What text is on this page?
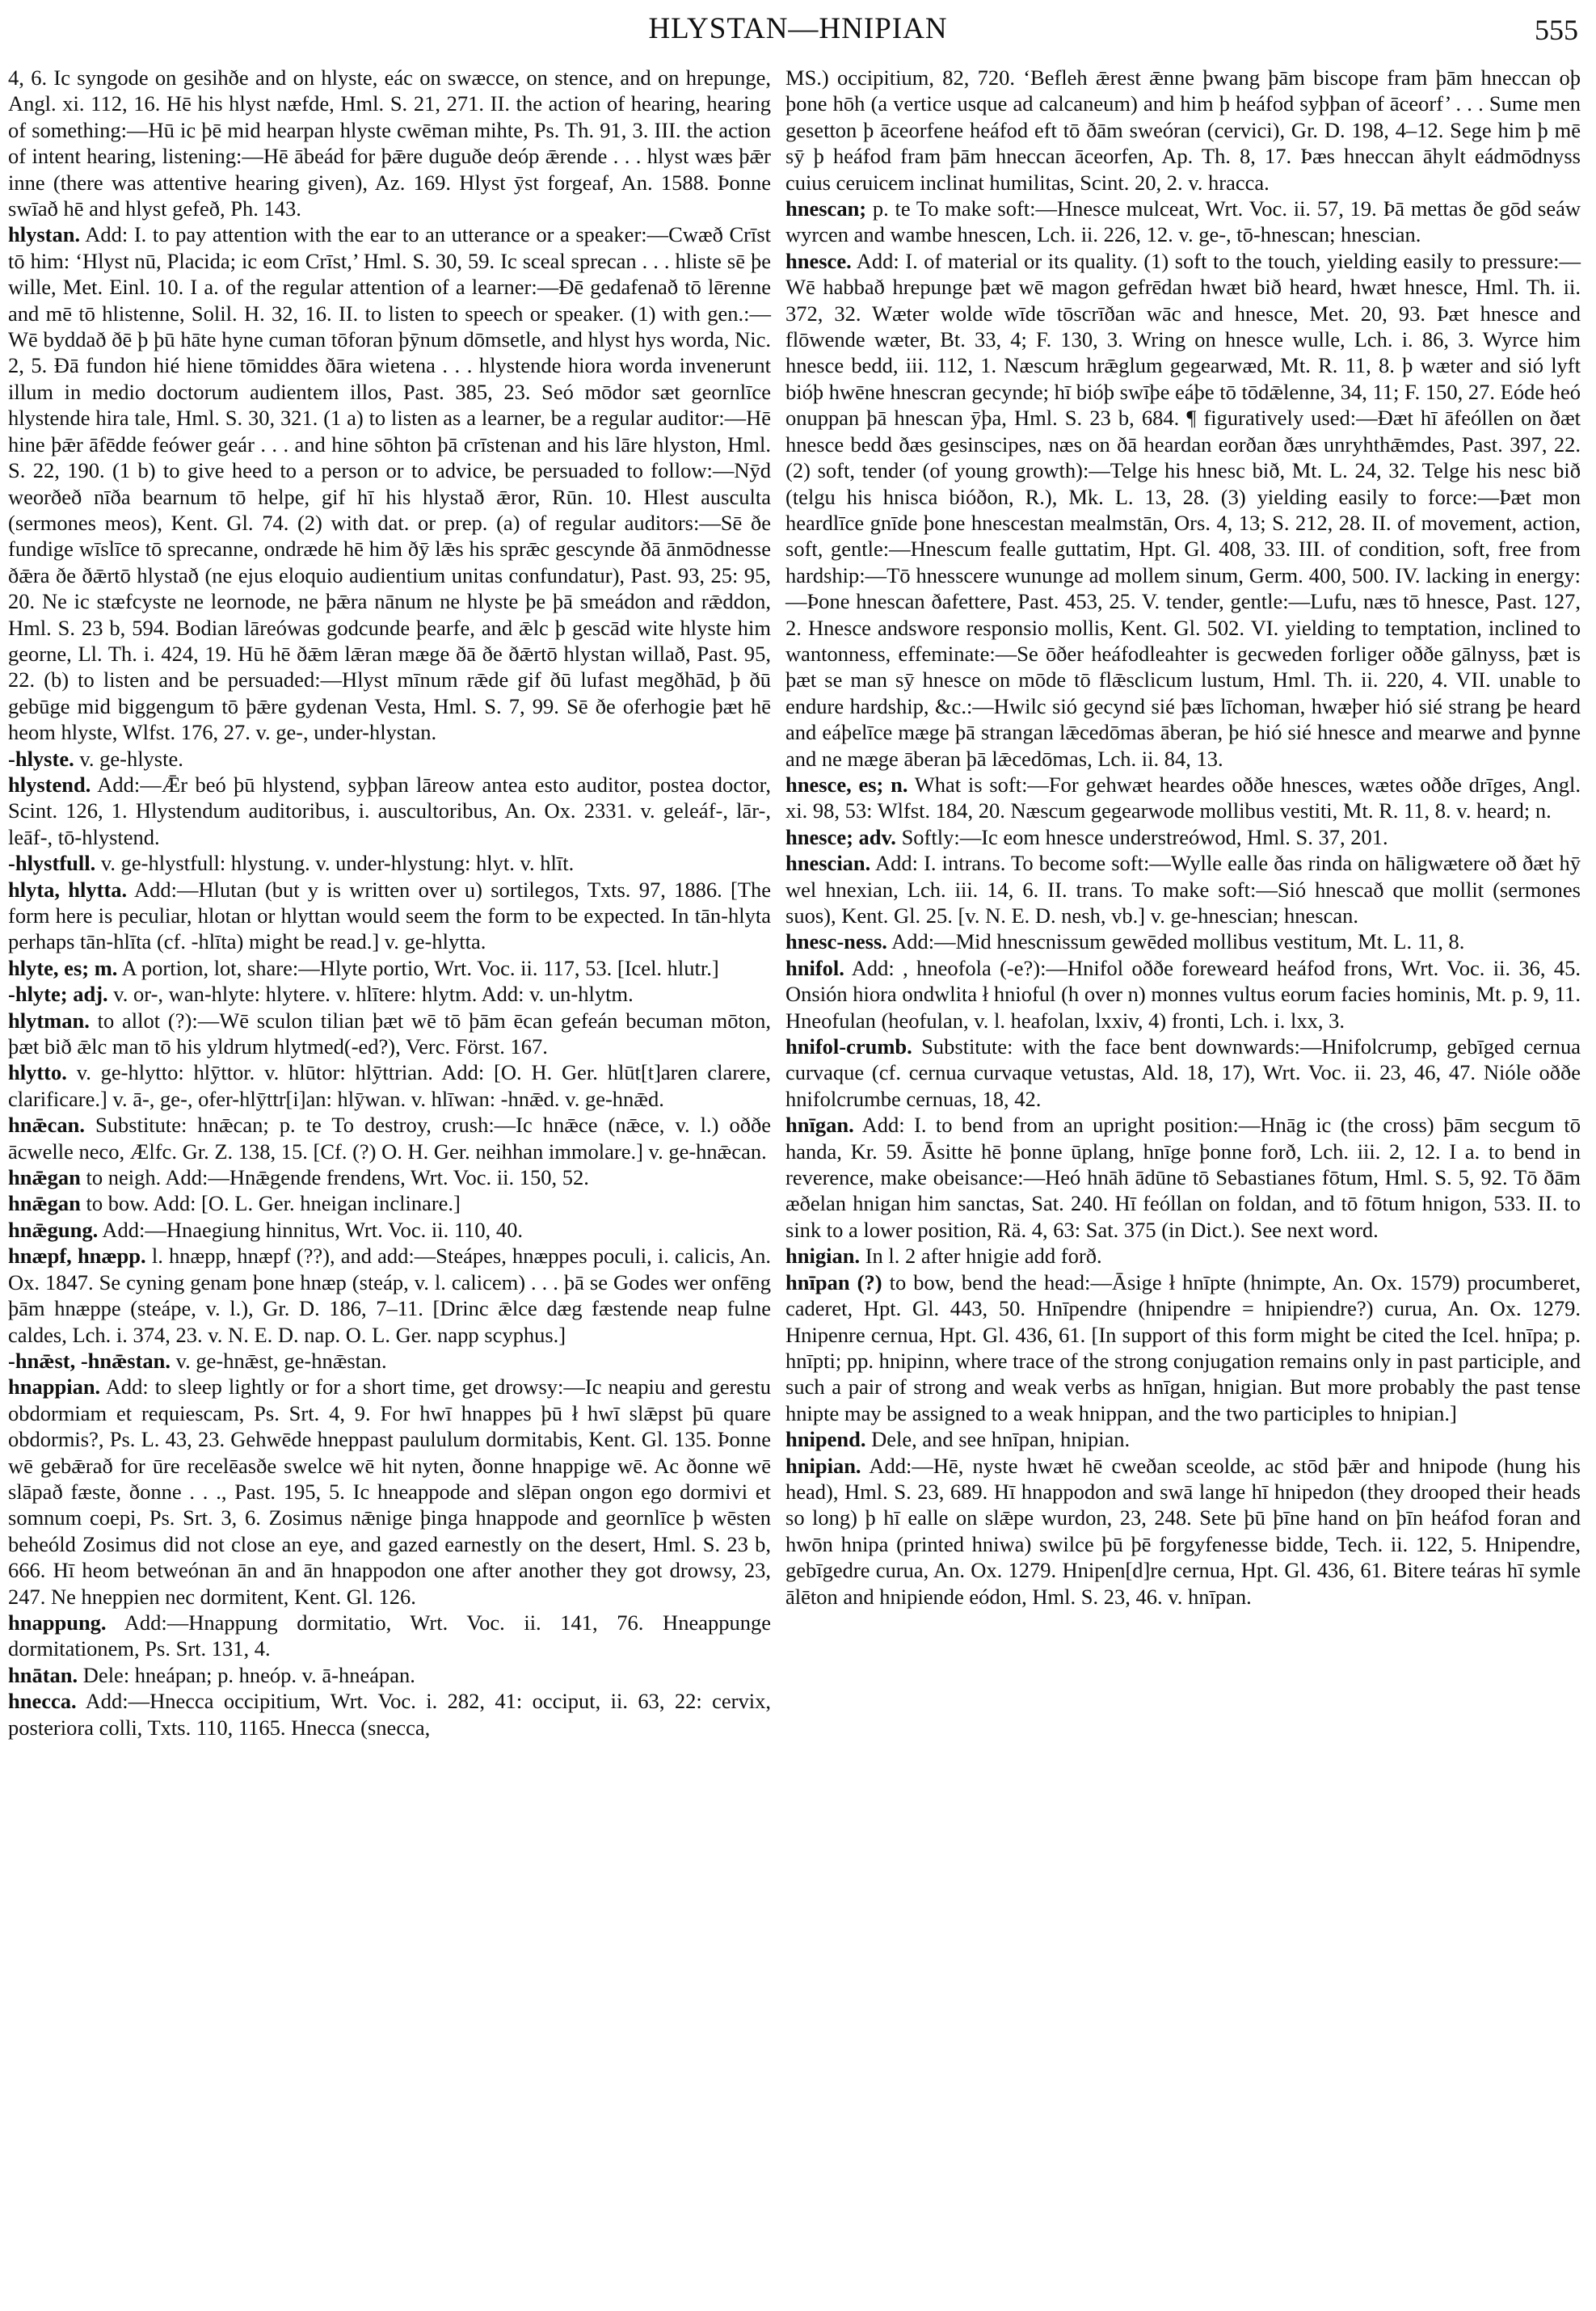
HLYSTAN—HNIPIAN	555

4, 6. Ic syngode on gesihðe and on hlyste, eác on swæcce, on stence, and on hrepunge, Angl. xi. 112, 16. Hē his hlyst næfde, Hml. S. 21, 271. II. the action of hearing, hearing of something:—Hū ic þē mid hearpan hlyste cwēman mihte, Ps. Th. 91, 3. III. the action of intent hearing, listening:—Hē ābeád for þǣre duguðe deóp ǣrende . . . hlyst wæs þǣr inne (there was attentive hearing given), Az. 169. Hlyst ȳst forgeaf, An. 1588. Þonne swīað hē and hlyst gefeð, Ph. 143.

hlystan. Add: I. to pay attention with the ear to an utterance or a speaker:—Cwæð Crīst tō him: ‘Hlyst nū, Placida; ic eom Crīst,’ Hml. S. 30, 59. Ic sceal sprecan . . . hliste sē þe wille, Met. Einl. 10. I a. of the regular attention of a learner:—Ðē gedafenað tō lērenne and mē tō hlistenne, Solil. H. 32, 16. II. to listen to speech or speaker. (1) with gen.:—Wē byddað ðē þ þū hāte hyne cuman tōforan þȳnum dōmsetle, and hlyst hys worda, Nic. 2, 5. Ðā fundon hié hiene tōmiddes ðāra wietena . . . hlystende hiora worda invenerunt illum in medio doctorum audientem illos, Past. 385, 23. Seó mōdor sæt geornlīce hlystende hira tale, Hml. S. 30, 321. (1 a) to listen as a learner, be a regular auditor:—Hē hine þǣr āfēdde feówer geár . . . and hine sōhton þā crīstenan and his lāre hlyston, Hml. S. 22, 190. (1 b) to give heed to a person or to advice, be persuaded to follow:—Nȳd weorðeð nīða bearnum tō helpe, gif hī his hlystað ǣror, Rūn. 10. Hlest ausculta (sermones meos), Kent. Gl. 74. (2) with dat. or prep. (a) of regular auditors:—Sē ðe fundige wīslīce tō sprecanne, ondræde hē him ðȳ lǣs his sprǣc gescynde ðā ānmōdnesse ðǣra ðe ðǣrtō hlystað (ne ejus eloquio audientium unitas confundatur), Past. 93, 25: 95, 20. Ne ic stæfcyste ne leornode, ne þǣra nānum ne hlyste þe þā smeádon and rǣddon, Hml. S. 23 b, 594. Bodian lāreówas godcunde þearfe, and ǣlc þ gescād wite hlyste him georne, Ll. Th. i. 424, 19. Hū hē ðǣm lǣran mæge ðā ðe ðǣrtō hlystan willað, Past. 95, 22. (b) to listen and be persuaded:—Hlyst mīnum rǣde gif ðū lufast megðhād, þ ðū gebūge mid biggengum tō þǣre gydenan Vesta, Hml. S. 7, 99. Sē ðe oferhogie þæt hē heom hlyste, Wlfst. 176, 27. v. ge-, under-hlystan.

-hlyste. v. ge-hlyste.

hlystend. Add:—Ǣr beó þū hlystend, syþþan lāreow antea esto auditor, postea doctor, Scint. 126, 1. Hlystendum auditoribus, i. auscultoribus, An. Ox. 2331. v. geleáf-, lār-, leāf-, tō-hlystend.

-hlystfull. v. ge-hlystfull: hlystung. v. under-hlystung: hlyt. v. hlīt.

hlyta, hlytta. Add:—Hlutan (but y is written over u) sortilegos, Txts. 97, 1886. [The form here is peculiar, hlotan or hlyttan would seem the form to be expected. In tān-hlyta perhaps tān-hlīta (cf. -hlīta) might be read.] v. ge-hlytta.

hlyte, es; m. A portion, lot, share:—Hlyte portio, Wrt. Voc. ii. 117, 53. [Icel. hlutr.]

-hlyte; adj. v. or-, wan-hlyte: hlytere. v. hlītere: hlytm. Add: v. un-hlytm.

hlytman. to allot (?):—Wē sculon tilian þæt wē tō þām ēcan gefeán becuman mōton, þæt bið ǣlc man tō his yldrum hlytmed(-ed?), Verc. Först. 167.

hlytto. v. ge-hlytto: hlȳttor. v. hlūtor: hlȳttrian. Add: [O. H. Ger. hlūt[t]aren clarere, clarificare.] v. ā-, ge-, ofer-hlȳttr[i]an: hlȳwan. v. hlīwan: -hnǣd. v. ge-hnǣd.

hnǣcan. Substitute: hnǣcan; p. te To destroy, crush:—Ic hnǣce (nǣce, v. l.) oððe ācwelle neco, Ælfc. Gr. Z. 138, 15. [Cf. (?) O. H. Ger. neihhan immolare.] v. ge-hnǣcan.

hnǣgan to neigh. Add:—Hnǣgende frendens, Wrt. Voc. ii. 150, 52.

hnǣgan to bow. Add: [O. L. Ger. hneigan inclinare.]

hnǣgung. Add:—Hnaegiung hinnitus, Wrt. Voc. ii. 110, 40.

hnæpf, hnæpp. l. hnæpp, hnæpf (??), and add:—Steápes, hnæppes poculi, i. calicis, An. Ox. 1847. Se cyning genam þone hnæp (steáp, v. l. calicem) . . . þā se Godes wer onfēng þām hnæppe (steápe, v. l.), Gr. D. 186, 7–11. [Drinc ǣlce dæg fæstende neap fulne caldes, Lch. i. 374, 23. v. N. E. D. nap. O. L. Ger. napp scyphus.]

-hnǣst, -hnǣstan. v. ge-hnǣst, ge-hnǣstan.

hnappian. Add: to sleep lightly or for a short time, get drowsy:—Ic neapiu and gerestu obdormiam et requiescam, Ps. Srt. 4, 9. For hwī hnappes þū ł hwī slǣpst þū quare obdormis?, Ps. L. 43, 23. Gehwēde hneppast paululum dormitabis, Kent. Gl. 135. Þonne wē gebǣrað for ūre recelēasðe swelce wē hit nyten, ðonne hnappige wē. Ac ðonne wē slāpað fæste, ðonne . . ., Past. 195, 5. Ic hneappode and slēpan ongon ego dormivi et somnum coepi, Ps. Srt. 3, 6. Zosimus nǣnige þinga hnappode and geornlīce þ wēsten beheóld Zosimus did not close an eye, and gazed earnestly on the desert, Hml. S. 23 b, 666. Hī heom betweónan ān and ān hnappodon one after another they got drowsy, 23, 247. Ne hneppien nec dormitent, Kent. Gl. 126.

hnappung. Add:—Hnappung dormitatio, Wrt. Voc. ii. 141, 76. Hneappunge dormitationem, Ps. Srt. 131, 4.

hnātan. Dele: hneápan; p. hneóp. v. ā-hneápan.

hnecca. Add:—Hnecca occipitium, Wrt. Voc. i. 282, 41: occiput, ii. 63, 22: cervix, posteriora colli, Txts. 110, 1165. Hnecca (snecca,

MS.) occipitium, 82, 720. ‘Befleh ǣrest ǣnne þwang þām biscope fram þām hneccan oþ þone hōh (a vertice usque ad calcaneum) and him þ heáfod syþþan of āceorf’ . . . Sume men gesetton þ āceorfene heáfod eft tō ðām sweóran (cervici), Gr. D. 198, 4–12. Sege him þ mē sȳ þ heáfod fram þām hneccan āceorfen, Ap. Th. 8, 17. Þæs hneccan āhylt eádmōdnyss cuius ceruicem inclinat humilitas, Scint. 20, 2. v. hracca.

hnescan; p. te To make soft:—Hnesce mulceat, Wrt. Voc. ii. 57, 19. Þā mettas ðe gōd seáw wyrcen and wambe hnescen, Lch. ii. 226, 12. v. ge-, tō-hnescan; hnescian.

hnesce. Add: I. of material or its quality. (1) soft to the touch, yielding easily to pressure:—Wē habbað hrepunge þæt wē magon gefrēdan hwæt bið heard, hwæt hnesce, Hml. Th. ii. 372, 32. Wæter wolde wīde tōscrīðan wāc and hnesce, Met. 20, 93. Þæt hnesce and flōwende wæter, Bt. 33, 4; F. 130, 3. Wring on hnesce wulle, Lch. i. 86, 3. Wyrce him hnesce bedd, iii. 112, 1. Næscum hrǣglum gegearwæd, Mt. R. 11, 8. þ wæter and sió lyft bióþ hwēne hnescran gecynde; hī bióþ swīþe eáþe tō tōdǣlenne, 34, 11; F. 150, 27. Eóde heó onuppan þā hnescan ȳþa, Hml. S. 23 b, 684. ¶ figuratively used:—Ðæt hī āfeóllen on ðæt hnesce bedd ðæs gesinscipes, næs on ðā heardan eorðan ðæs unryhthǣmdes, Past. 397, 22. (2) soft, tender (of young growth):—Telge his hnesc bið, Mt. L. 24, 32. Telge his nesc bið (telgu his hnisca bióðon, R.), Mk. L. 13, 28. (3) yielding easily to force:—Þæt mon heardlīce gnīde þone hnescestan mealmstān, Ors. 4, 13; S. 212, 28. II. of movement, action, soft, gentle:—Hnescum fealle guttatim, Hpt. Gl. 408, 33. III. of condition, soft, free from hardship:—Tō hnesscere wununge ad mollem sinum, Germ. 400, 500. IV. lacking in energy:—Þone hnescan ðafettere, Past. 453, 25. V. tender, gentle:—Lufu, næs tō hnesce, Past. 127, 2. Hnesce andswore responsio mollis, Kent. Gl. 502. VI. yielding to temptation, inclined to wantonness, effeminate:—Se ōðer heáfodleahter is gecweden forliger oððe gālnyss, þæt is þæt se man sȳ hnesce on mōde tō flǣsclicum lustum, Hml. Th. ii. 220, 4. VII. unable to endure hardship, &c.:—Hwilc sió gecynd sié þæs līchoman, hwæþer hió sié strang þe heard and eáþelīce mæge þā strangan lǣcedōmas āberan, þe hió sié hnesce and mearwe and þynne and ne mæge āberan þā lǣcedōmas, Lch. ii. 84, 13.

hnesce, es; n. What is soft:—For gehwæt heardes oððe hnesces, wætes oððe drīges, Angl. xi. 98, 53: Wlfst. 184, 20. Næscum gegearwode mollibus vestiti, Mt. R. 11, 8. v. heard; n.

hnesce; adv. Softly:—Ic eom hnesce understreówod, Hml. S. 37, 201.

hnescian. Add: I. intrans. To become soft:—Wylle ealle ðas rinda on hāligwætere oð ðæt hȳ wel hnexian, Lch. iii. 14, 6. II. trans. To make soft:—Sió hnescað que mollit (sermones suos), Kent. Gl. 25. [v. N. E. D. nesh, vb.] v. ge-hnescian; hnescan.

hnesc-ness. Add:—Mid hnescnissum gewēded mollibus vestitum, Mt. L. 11, 8.

hnifol. Add: , hneofola (-e?):—Hnifol oððe foreweard heáfod frons, Wrt. Voc. ii. 36, 45. Onsión hiora ondwlita ł hnioful (h over n) monnes vultus eorum facies hominis, Mt. p. 9, 11. Hneofulan (heofulan, v. l. heafolan, lxxiv, 4) fronti, Lch. i. lxx, 3.

hnifol-crumb. Substitute: with the face bent downwards:—Hnifolcrump, gebīged cernua curvaque (cf. cernua curvaque vetustas, Ald. 18, 17), Wrt. Voc. ii. 23, 46, 47. Nióle oððe hnifolcrumbe cernuas, 18, 42.

hnīgan. Add: I. to bend from an upright position:—Hnāg ic (the cross) þām secgum tō handa, Kr. 59. Āsitte hē þonne ūplang, hnīge þonne forð, Lch. iii. 2, 12. I a. to bend in reverence, make obeisance:—Heó hnāh ādūne tō Sebastianes fōtum, Hml. S. 5, 92. Tō ðām æðelan hnigan him sanctas, Sat. 240. Hī feóllan on foldan, and tō fōtum hnigon, 533. II. to sink to a lower position, Rä. 4, 63: Sat. 375 (in Dict.). See next word.

hnigian. In l. 2 after hnigie add forð.

hnīpan (?) to bow, bend the head:—Āsige ł hnīpte (hnimpte, An. Ox. 1579) procumberet, caderet, Hpt. Gl. 443, 50. Hnīpendre (hnipendre = hnipiendre?) curua, An. Ox. 1279. Hnipenre cernua, Hpt. Gl. 436, 61. [In support of this form might be cited the Icel. hnīpa; p. hnīpti; pp. hnipinn, where trace of the strong conjugation remains only in past participle, and such a pair of strong and weak verbs as hnīgan, hnigian. But more probably the past tense hnipte may be assigned to a weak hnippan, and the two participles to hnipian.]

hnipend. Dele, and see hnīpan, hnipian.

hnipian. Add:—Hē, nyste hwæt hē cweðan sceolde, ac stōd þǣr and hnipode (hung his head), Hml. S. 23, 689. Hī hnappodon and swā lange hī hnipedon (they drooped their heads so long) þ hī ealle on slǣpe wurdon, 23, 248. Sete þū þīne hand on þīn heáfod foran and hwōn hnipa (printed hniwa) swilce þū þē forgyfenesse bidde, Tech. ii. 122, 5. Hnipendre, gebīgedre curua, An. Ox. 1279. Hnipen[d]re cernua, Hpt. Gl. 436, 61. Bitere teáras hī symle ālēton and hnipiende eódon, Hml. S. 23, 46. v. hnīpan.
